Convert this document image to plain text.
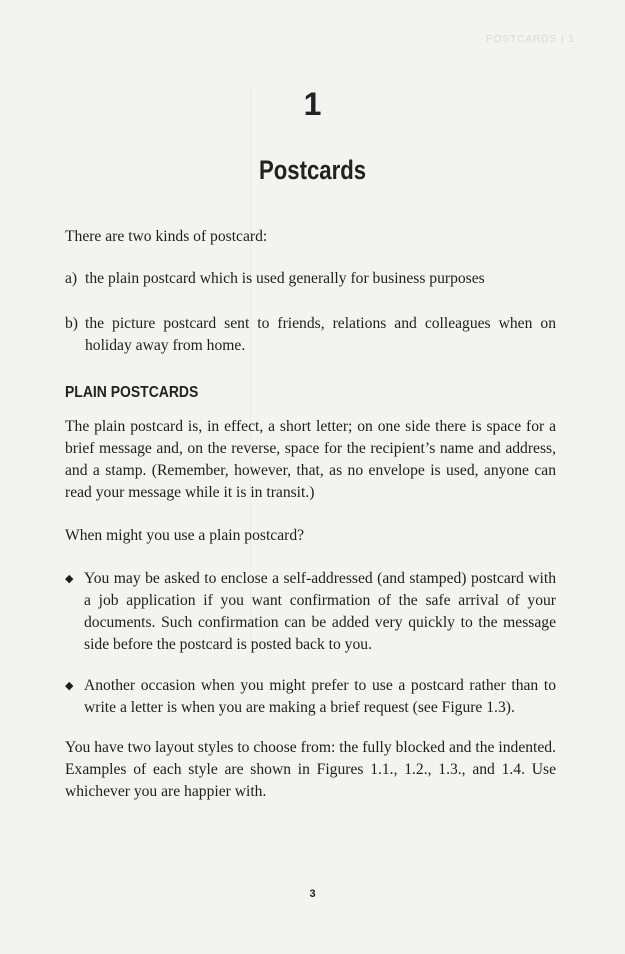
POSTCARDS | 1
1
Postcards
There are two kinds of postcard:
a) the plain postcard which is used generally for business purposes
b) the picture postcard sent to friends, relations and colleagues when on holiday away from home.
PLAIN POSTCARDS
The plain postcard is, in effect, a short letter; on one side there is space for a brief message and, on the reverse, space for the recipient’s name and address, and a stamp. (Remember, however, that, as no envelope is used, anyone can read your message while it is in transit.)
When might you use a plain postcard?
◆ You may be asked to enclose a self-addressed (and stamped) postcard with a job application if you want confirmation of the safe arrival of your documents. Such confirmation can be added very quickly to the message side before the postcard is posted back to you.
◆ Another occasion when you might prefer to use a postcard rather than to write a letter is when you are making a brief request (see Figure 1.3).
You have two layout styles to choose from: the fully blocked and the indented. Examples of each style are shown in Figures 1.1., 1.2., 1.3., and 1.4. Use whichever you are happier with.
3
